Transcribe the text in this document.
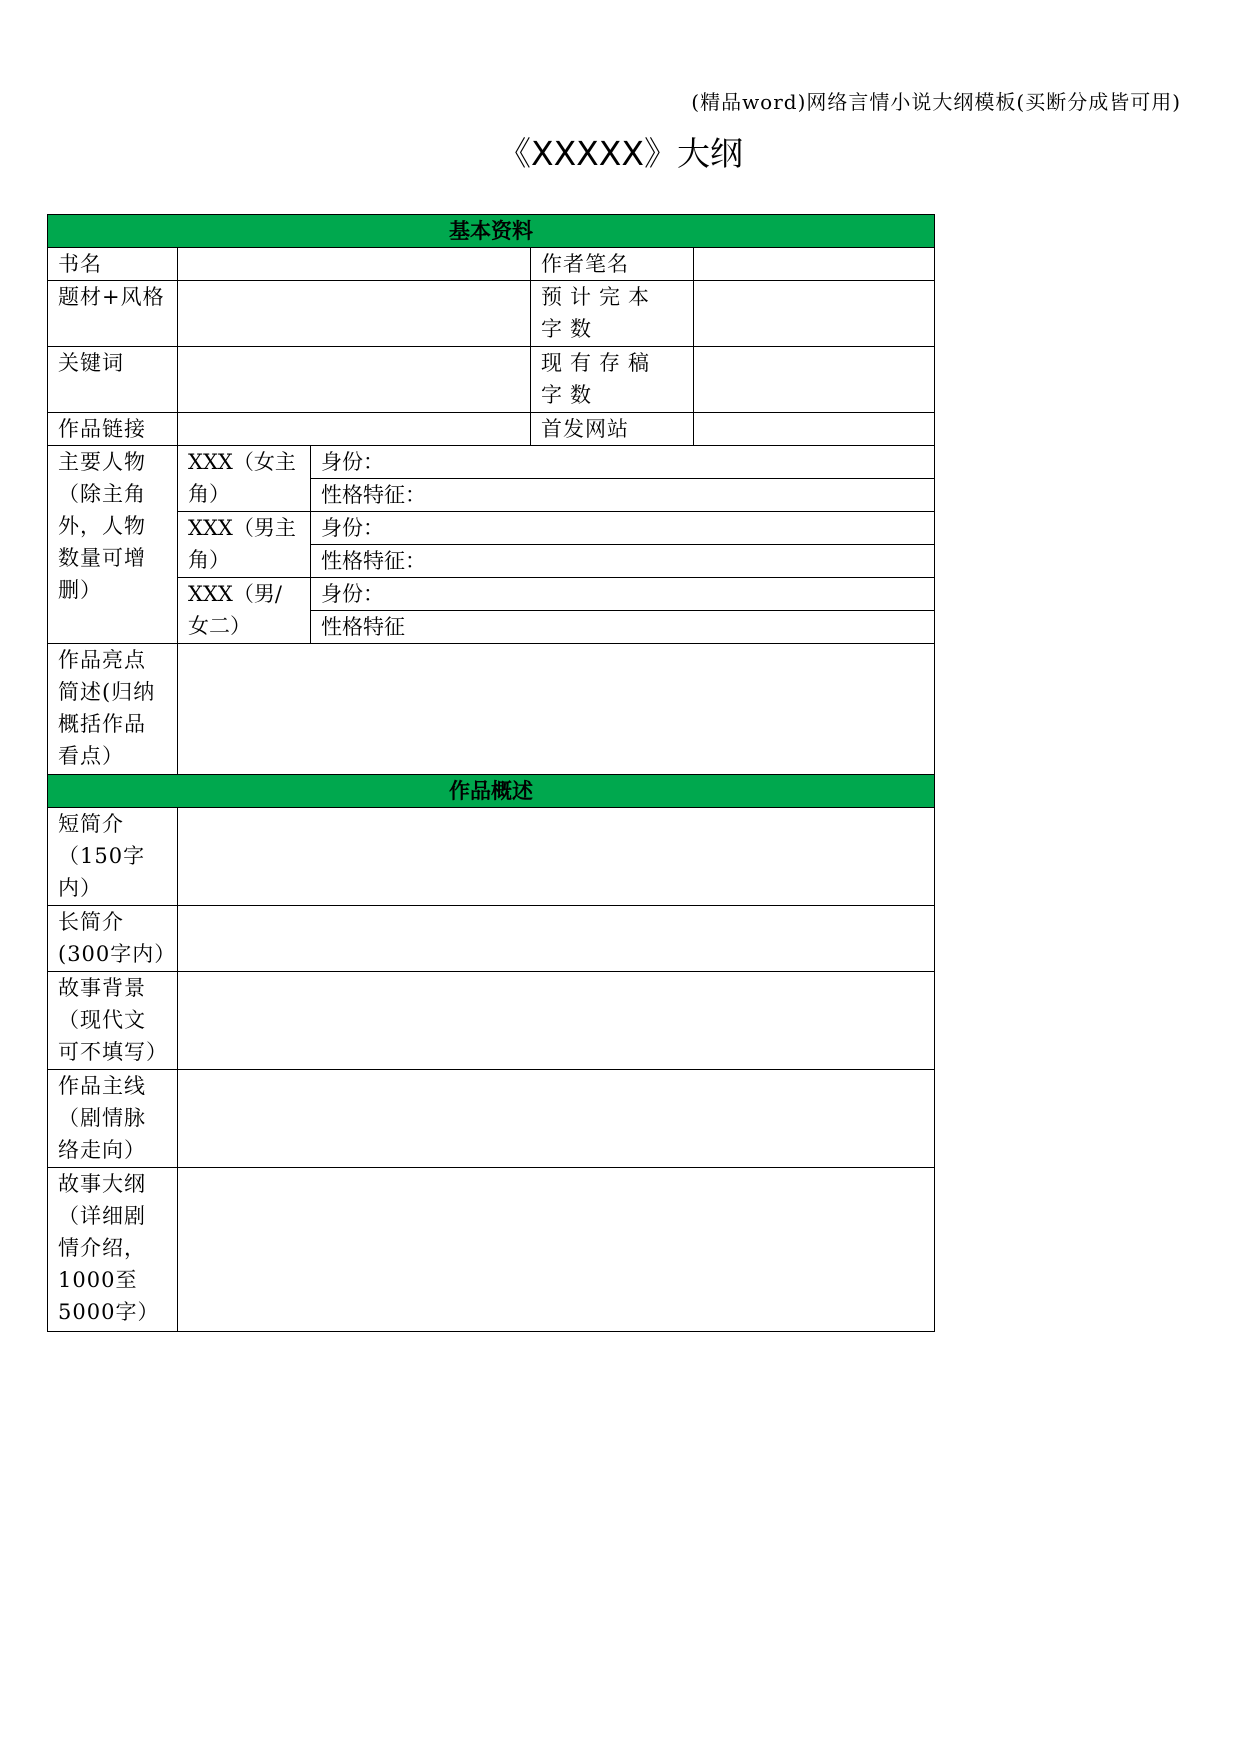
(精品word)网络言情小说大纲模板(买断分成皆可用)
《XXXXX》大纲
基本资料				
书名			作者笔名	
题材+风格			预计完本字数	
关键词			现有存稿字数	
作品链接			首发网站	
主要人物（除主角外，人物数量可增删）	XXX（女主角）	身份：		
		性格特征：		
	XXX（男主角）	身份：		
		性格特征：		
	XXX（男/女二）	身份：		
		性格特征		
作品亮点简述(归纳概括作品看点）				
作品概述				
短简介（150字内）				
长简介(300字内）				
故事背景（现代文可不填写）				
作品主线（剧情脉络走向）				
故事大纲（详细剧情介绍，1000至5000字）				
